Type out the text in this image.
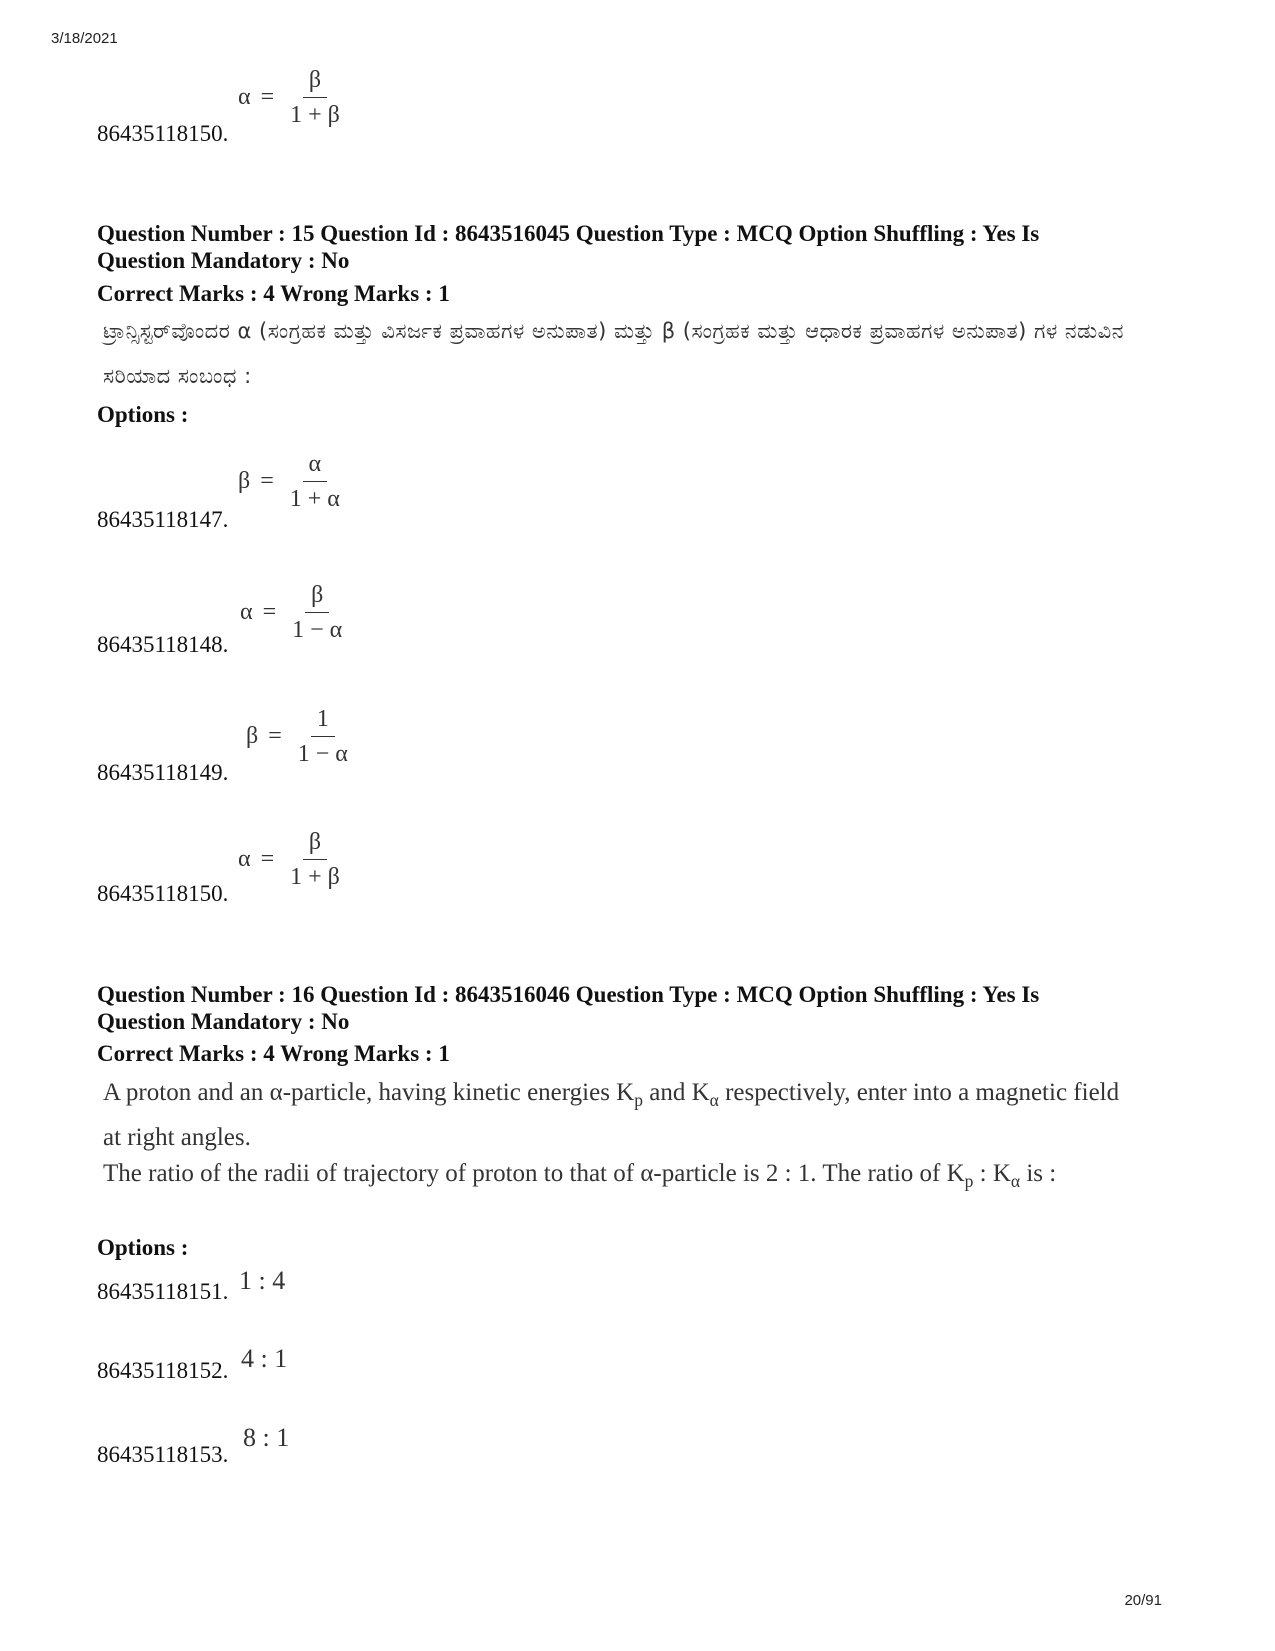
3/18/2021
$\alpha = \frac{\beta}{1 + \beta}$
86435118150.
Question Number : 15 Question Id : 8643516045 Question Type : MCQ Option Shuffling : Yes Is
Question Mandatory : No
Correct Marks : 4 Wrong Marks : 1
ಟ್ರಾನ್ಸಿಸ್ಟರ್‌ವೊಂದರ α (ಸಂಗ್ರಹಕ ಮತ್ತು ವಿಸರ್ಜಕ ಪ್ರವಾಹಗಳ ಅನುಪಾತ) ಮತ್ತು β (ಸಂಗ್ರಹಕ ಮತ್ತು ಆಧಾರಕ ಪ್ರವಾಹಗಳ ಅನುಪಾತ) ಗಳ ನಡುವಿನ ಸರಿಯಾದ ಸಂಬಂಧ :
Options :
$\beta = \frac{\alpha}{1 + \alpha}$
86435118147.
$\alpha = \frac{\beta}{1 - \alpha}$
86435118148.
$\beta = \frac{1}{1 - \alpha}$
86435118149.
$\alpha = \frac{\beta}{1 + \beta}$
86435118150.
Question Number : 16 Question Id : 8643516046 Question Type : MCQ Option Shuffling : Yes Is
Question Mandatory : No
Correct Marks : 4 Wrong Marks : 1
A proton and an α-particle, having kinetic energies $K_p$ and $K_\alpha$ respectively, enter into a magnetic field at right angles.
The ratio of the radii of trajectory of proton to that of α-particle is 2 : 1. The ratio of $K_p$ : $K_\alpha$ is :
Options :
86435118151. 1 : 4
86435118152. 4 : 1
86435118153.
8 : 1
20/91
